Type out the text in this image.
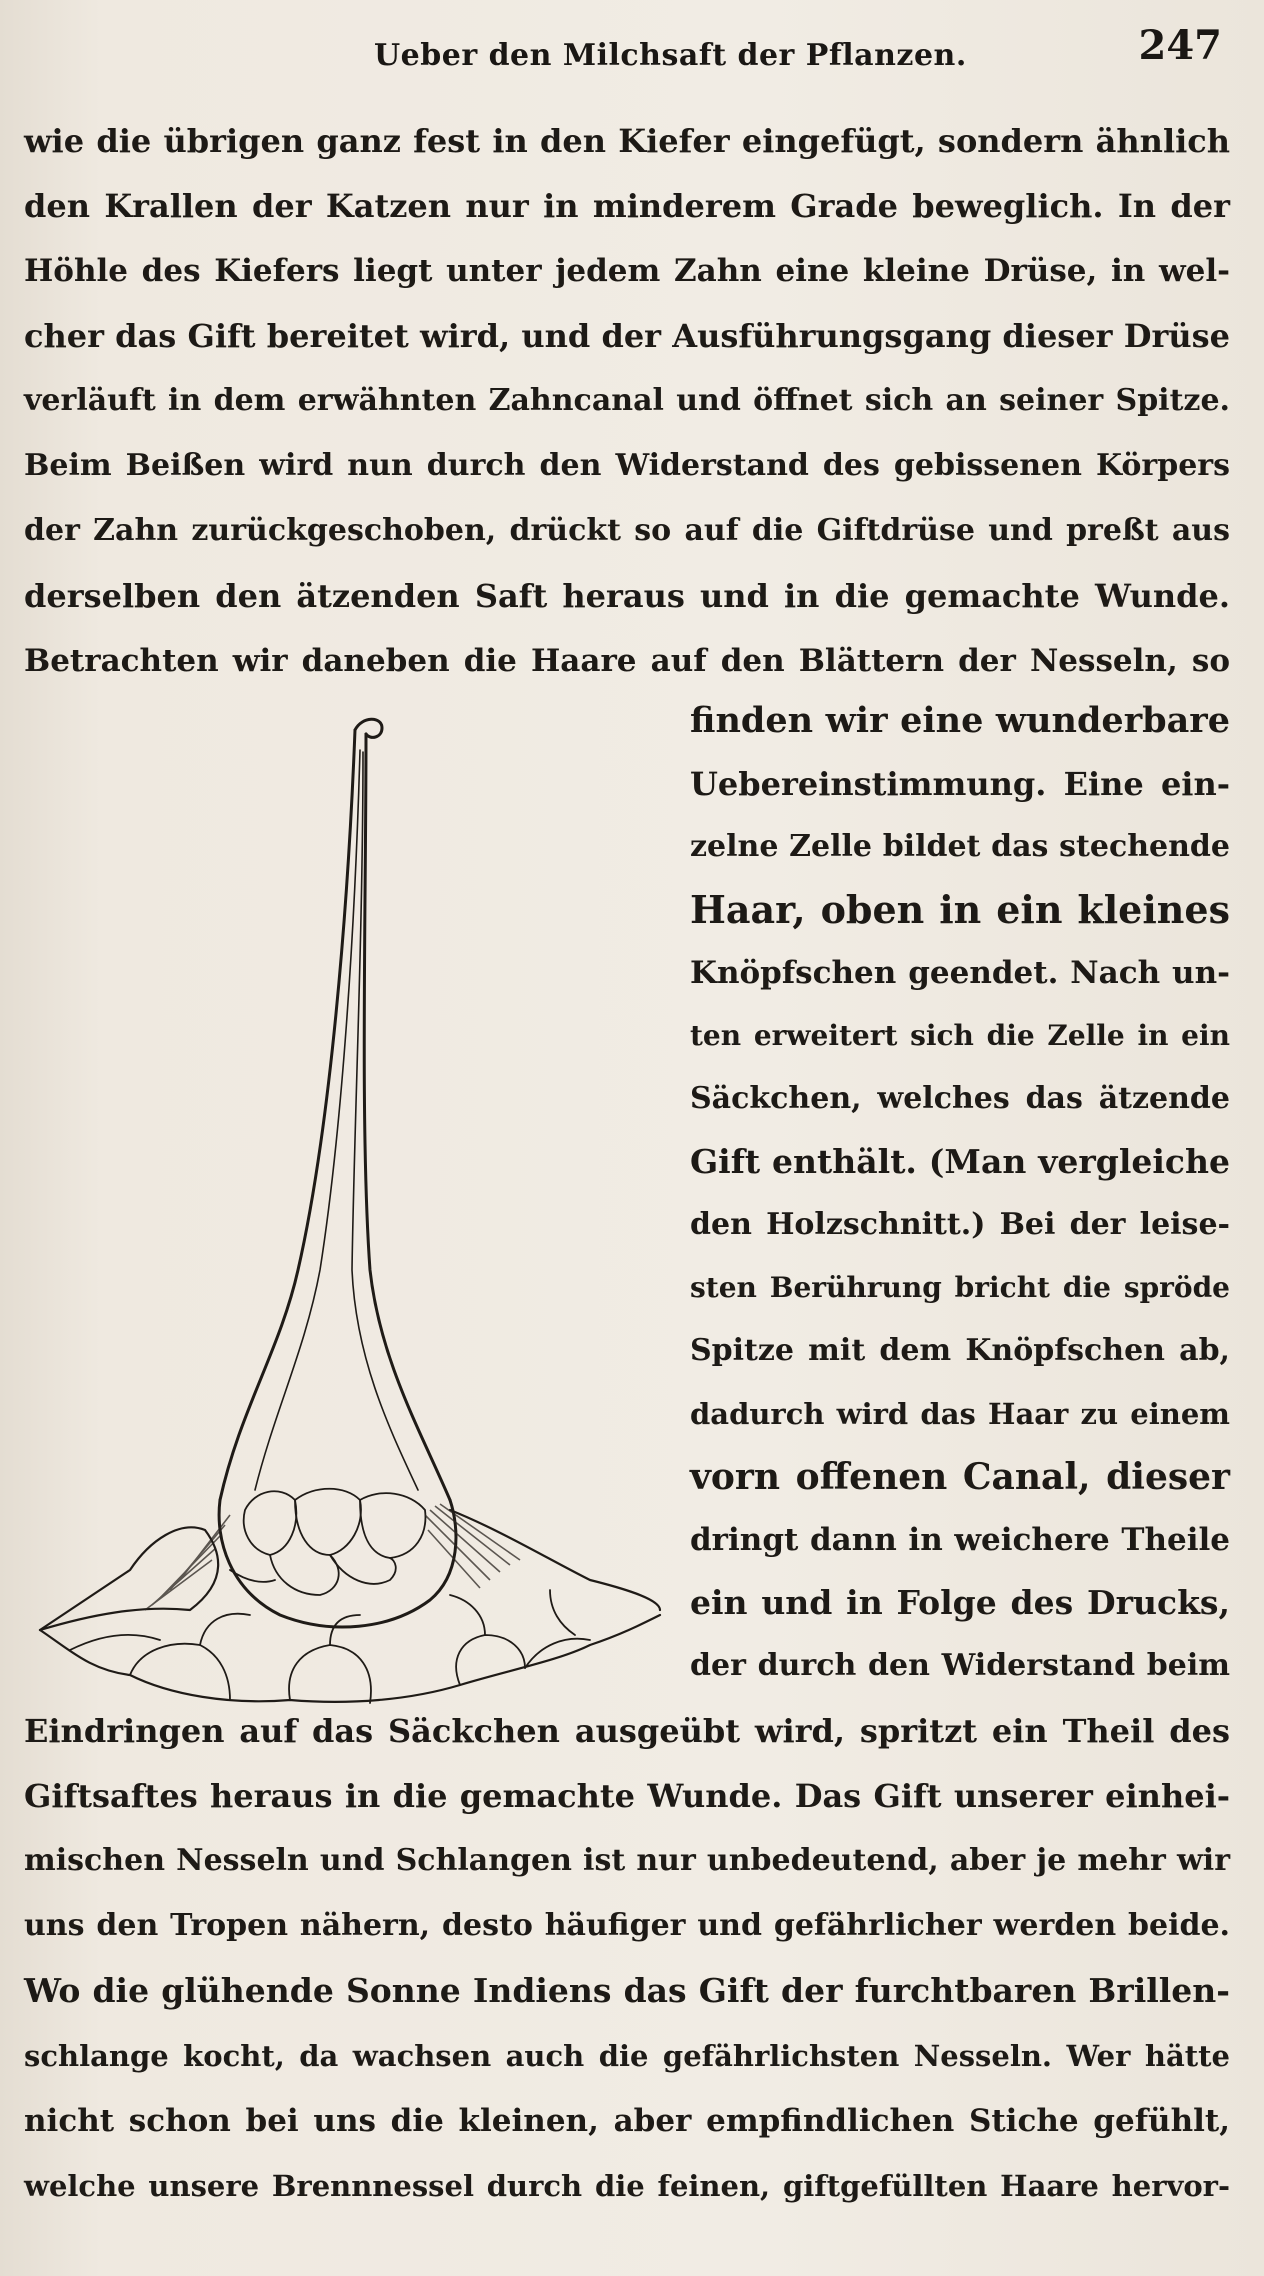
Ueber den Milchsaft der Pflanzen.	247
wie die übrigen ganz fest in den Kiefer eingefügt, sondern ähnlich
den Krallen der Katzen nur in minderem Grade beweglich. In der
Höhle des Kiefers liegt unter jedem Zahn eine kleine Drüse, in wel-
cher das Gift bereitet wird, und der Ausführungsgang dieser Drüse
verläuft in dem erwähnten Zahncanal und öffnet sich an seiner Spitze.
Beim Beißen wird nun durch den Widerstand des gebissenen Körpers
der Zahn zurückgeschoben, drückt so auf die Giftdrüse und preßt aus
derselben den ätzenden Saft heraus und in die gemachte Wunde.
Betrachten wir daneben die Haare auf den Blättern der Nesseln, so
finden wir eine wunderbare
Uebereinstimmung. Eine ein-
zelne Zelle bildet das stechende
Haar, oben in ein kleines
Knöpfschen geendet. Nach un-
ten erweitert sich die Zelle in ein
Säckchen, welches das ätzende
Gift enthält. (Man vergleiche
den Holzschnitt.) Bei der leise-
sten Berührung bricht die spröde
Spitze mit dem Knöpfschen ab,
dadurch wird das Haar zu einem
vorn offenen Canal, dieser
dringt dann in weichere Theile
ein und in Folge des Drucks,
der durch den Widerstand beim
Eindringen auf das Säckchen ausgeübt wird, spritzt ein Theil des
Giftsaftes heraus in die gemachte Wunde. Das Gift unserer einhei-
mischen Nesseln und Schlangen ist nur unbedeutend, aber je mehr wir
uns den Tropen nähern, desto häufiger und gefährlicher werden beide.
Wo die glühende Sonne Indiens das Gift der furchtbaren Brillen-
schlange kocht, da wachsen auch die gefährlichsten Nesseln. Wer hätte
nicht schon bei uns die kleinen, aber empfindlichen Stiche gefühlt,
welche unsere Brennnessel durch die feinen, giftgefüllten Haare hervor-
